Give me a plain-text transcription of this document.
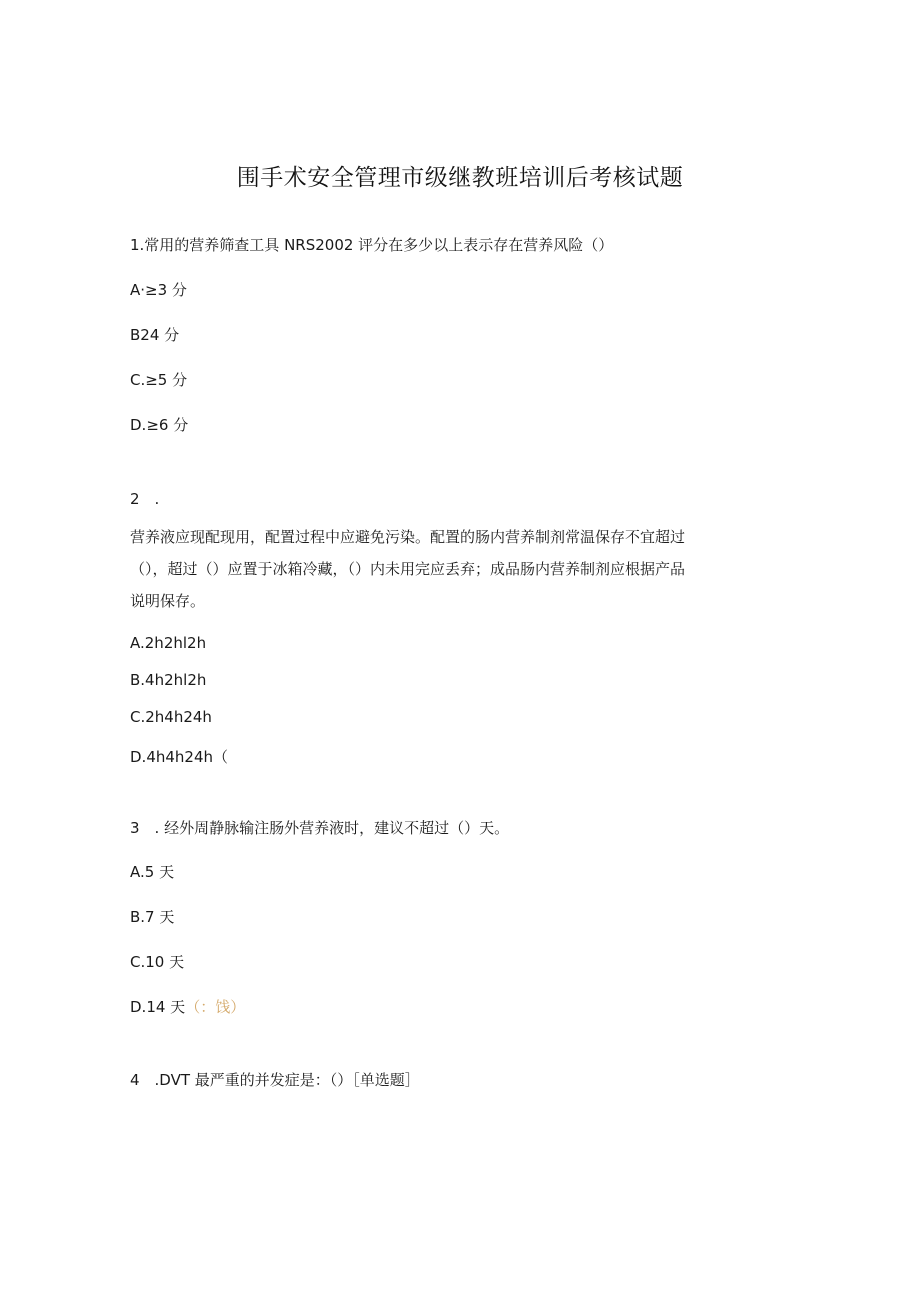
围手术安全管理市级继教班培训后考核试题
1.常用的营养筛查工具 NRS2002 评分在多少以上表示存在营养风险（）
A·≥3 分
B24 分
C.≥5 分
D.≥6 分
2　.
营养液应现配现用，配置过程中应避免污染。配置的肠内营养制剂常温保存不宜超过
（），超过（）应置于冰箱冷藏，（）内未用完应丢弃；成品肠内营养制剂应根据产品
说明保存。
A.2h2hl2h
B.4h2hl2h
C.2h4h24h
D.4h4h24h（
3　. 经外周静脉输注肠外营养液时，建议不超过（）天。
A.5 天
B.7 天
C.10 天
D.14 天（：饯）
4　.DVT 最严重的并发症是：（）［单选题］
